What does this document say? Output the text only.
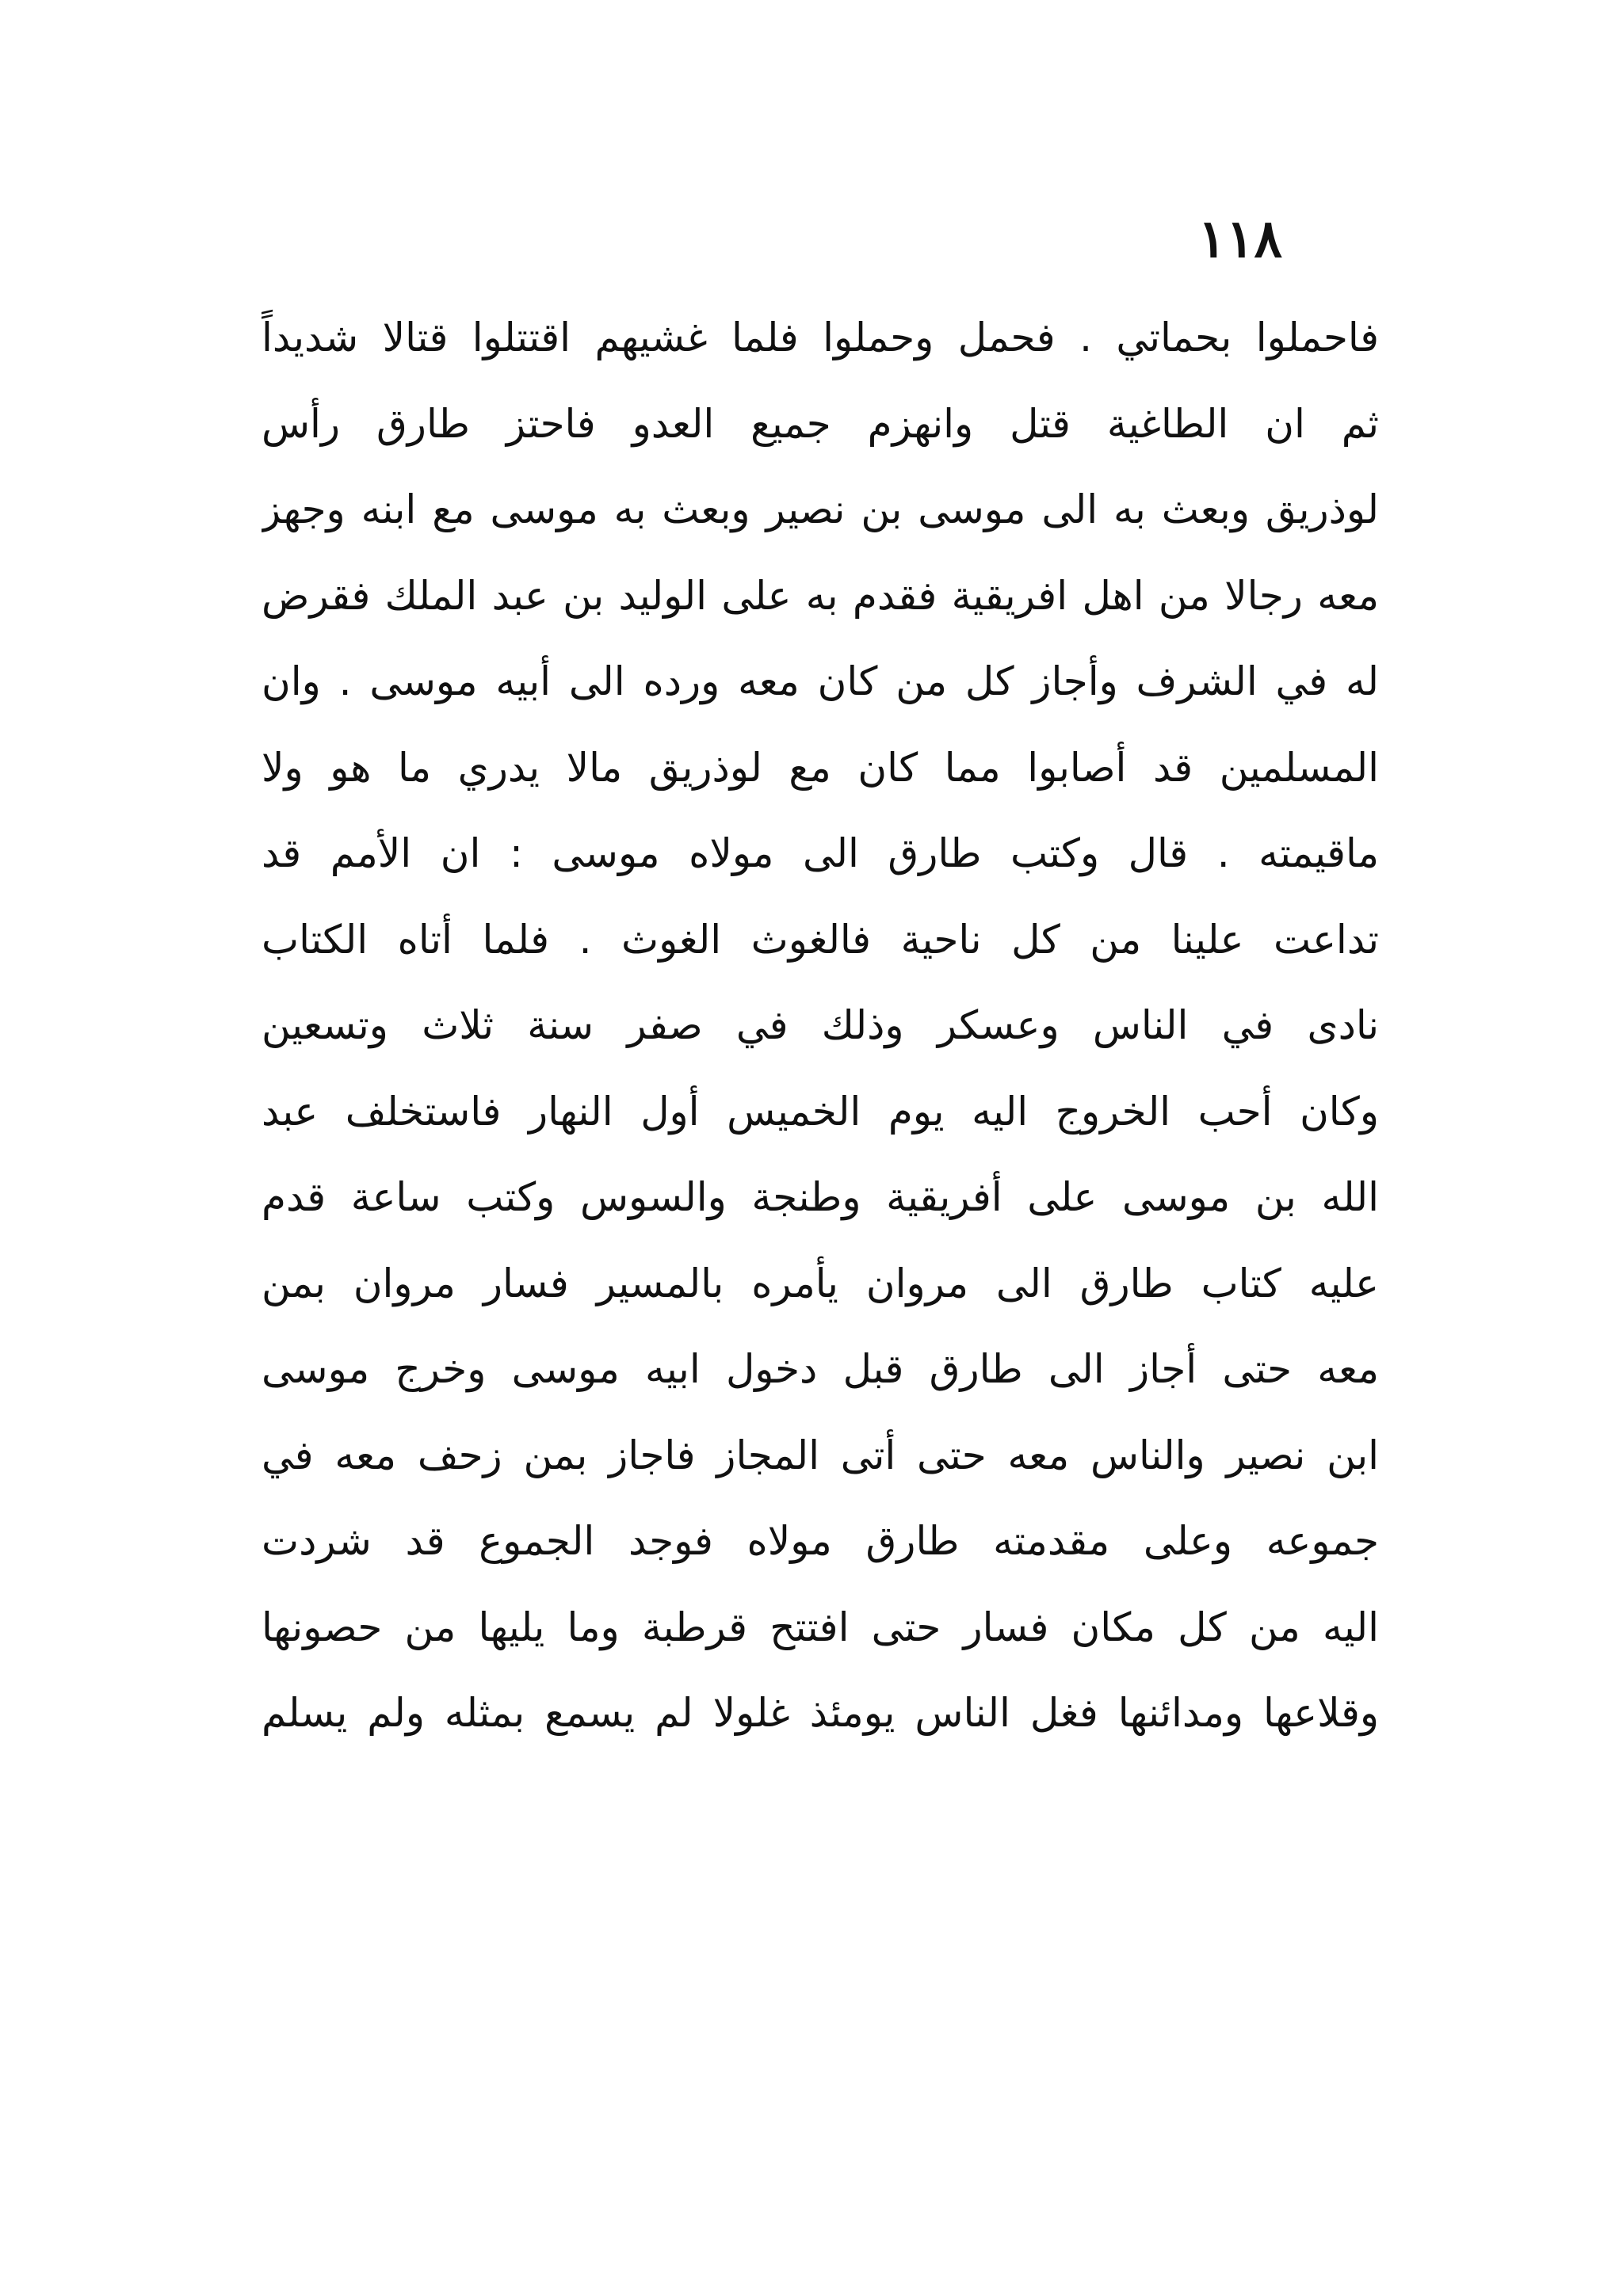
١١٨
فاحملوا بحماتي . فحمل وحملوا فلما غشيهم اقتتلوا قتالا شديداً
ثم ان الطاغية قتل وانهزم جميع العدو فاحتز طارق رأس
لوذريق وبعث به الى موسى بن نصير وبعث به موسى مع ابنه وجهز
معه رجالا من اهل افريقية فقدم به على الوليد بن عبد الملك فقرض
له في الشرف وأجاز كل من كان معه ورده الى أبيه موسى . وان
المسلمين قد أصابوا مما كان مع لوذريق مالا يدري ما هو ولا
ماقيمته . قال وكتب طارق الى مولاه موسى : ان الأمم قد
تداعت علينا من كل ناحية فالغوث الغوث . فلما أتاه الكتاب
نادى في الناس وعسكر وذلك في صفر سنة ثلاث وتسعين
وكان أحب الخروج اليه يوم الخميس أول النهار فاستخلف عبد
الله بن موسى على أفريقية وطنجة والسوس وكتب ساعة قدم
عليه كتاب طارق الى مروان يأمره بالمسير فسار مروان بمن
معه حتى أجاز الى طارق قبل دخول ابيه موسى وخرج موسى
ابن نصير والناس معه حتى أتى المجاز فاجاز بمن زحف معه في
جموعه وعلى مقدمته طارق مولاه فوجد الجموع قد شردت
اليه من كل مكان فسار حتى افتتح قرطبة وما يليها من حصونها
وقلاعها ومدائنها فغل الناس يومئذ غلولا لم يسمع بمثله ولم يسلم
